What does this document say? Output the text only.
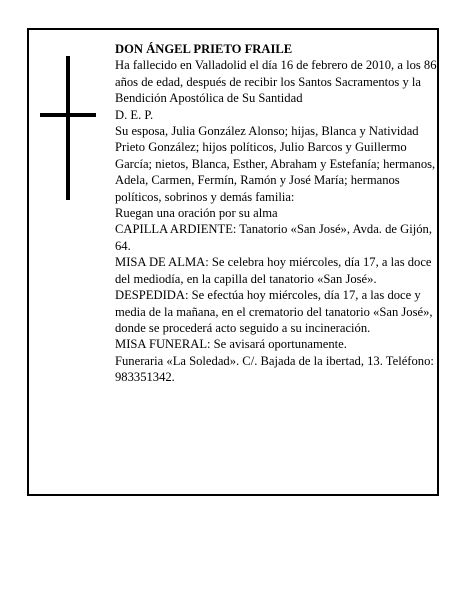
DON ÁNGEL PRIETO FRAILE

Ha fallecido en Valladolid el día 16 de febrero de 2010, a los 86 años de edad, después de recibir los Santos Sacramentos y la Bendición Apostólica de Su Santidad

D. E. P.

Su esposa, Julia González Alonso; hijas, Blanca y Natividad Prieto González; hijos políticos, Julio Barcos y Guillermo García; nietos, Blanca, Esther, Abraham y Estefanía; hermanos, Adela, Carmen, Fermín, Ramón y José María; hermanos políticos, sobrinos y demás familia:

Ruegan una oración por su alma

CAPILLA ARDIENTE: Tanatorio «San José», Avda. de Gijón, 64.

MISA DE ALMA: Se celebra hoy miércoles, día 17, a las doce del mediodía, en la capilla del tanatorio «San José».

DESPEDIDA: Se efectúa hoy miércoles, día 17, a las doce y media de la mañana, en el crematorio del tanatorio «San José», donde se procederá acto seguido a su incineración.

MISA FUNERAL: Se avisará oportunamente.

Funeraria «La Soledad». C/. Bajada de la ibertad, 13. Teléfono: 983351342.
